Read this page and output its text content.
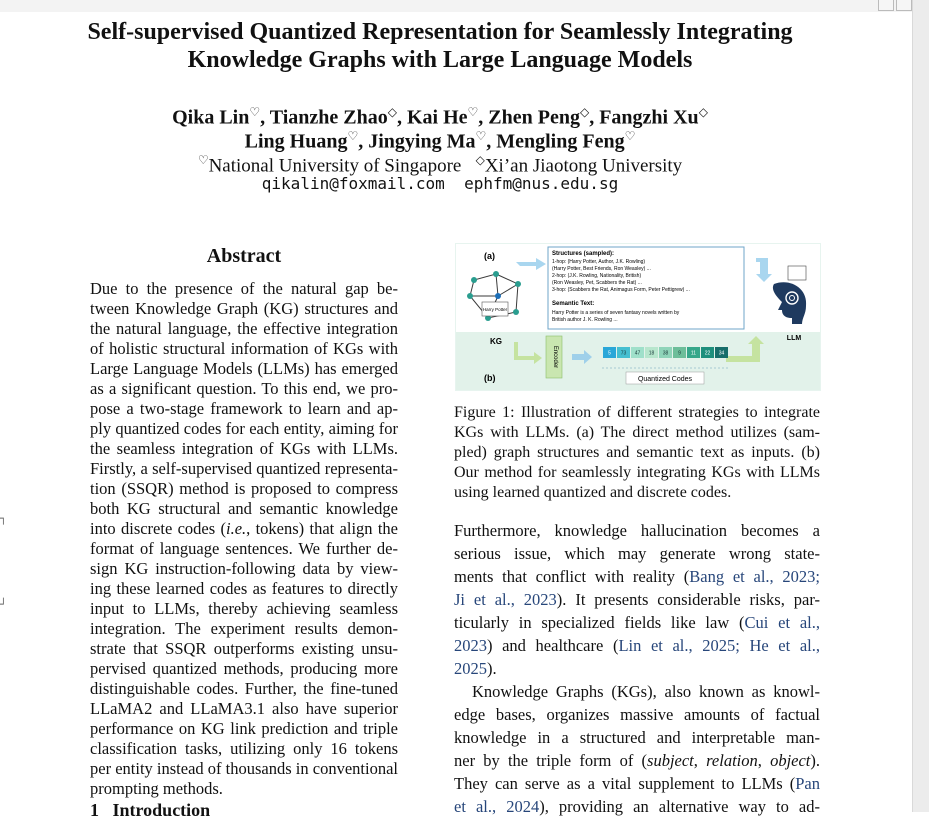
┐
┘
Self-supervised Quantized Representation for Seamlessly Integrating
Knowledge Graphs with Large Language Models
Qika Lin♡, Tianzhe Zhao◇, Kai He♡, Zhen Peng◇, Fangzhi Xu◇
Ling Huang♡, Jingying Ma♡, Mengling Feng♡
♡National University of Singapore ◇Xi’an Jiaotong University
qikalin@foxmail.com ephfm@nus.edu.sg
Abstract
Due to the presence of the natural gap be-
tween Knowledge Graph (KG) structures and
the natural language, the effective integration
of holistic structural information of KGs with
Large Language Models (LLMs) has emerged
as a significant question. To this end, we pro-
pose a two-stage framework to learn and ap-
ply quantized codes for each entity, aiming for
the seamless integration of KGs with LLMs.
Firstly, a self-supervised quantized representa-
tion (SSQR) method is proposed to compress
both KG structural and semantic knowledge
into discrete codes (i.e., tokens) that align the
format of language sentences. We further de-
sign KG instruction-following data by view-
ing these learned codes as features to directly
input to LLMs, thereby achieving seamless
integration. The experiment results demon-
strate that SSQR outperforms existing unsu-
pervised quantized methods, producing more
distinguishable codes. Further, the fine-tuned
LLaMA2 and LLaMA3.1 also have superior
performance on KG link prediction and triple
classification tasks, utilizing only 16 tokens
per entity instead of thousands in conventional
prompting methods.
1 Introduction
(a)
(b)
Harry Potter
KG
Structures (sampled):
1-hop: (Harry Potter, Author, J.K. Rowling)
(Harry Potter, Best Friends, Ron Weasley) ...
2-hop: (J.K. Rowling, Nationality, British)
(Ron Weasley, Pet, Scabbers the Rat) ...
3-hop: (Scabbers the Rat, Animagus Form, Peter Pettigrew) ...
Semantic Text:
Harry Potter is a series of seven fantasy novels written by
British author J. K. Rowling ...
Encoder	5 73 47 18 38 9 11 22 34
Quantized Codes
LLM
Figure 1: Illustration of different strategies to integrate
KGs with LLMs. (a) The direct method utilizes (sam-
pled) graph structures and semantic text as inputs. (b)
Our method for seamlessly integrating KGs with LLMs
using learned quantized and discrete codes.
Furthermore, knowledge hallucination becomes a
serious issue, which may generate wrong state-
ments that conflict with reality (Bang et al., 2023;
Ji et al., 2023). It presents considerable risks, par-
ticularly in specialized fields like law (Cui et al.,
2023) and healthcare (Lin et al., 2025; He et al.,
2025).
Knowledge Graphs (KGs), also known as knowl-
edge bases, organizes massive amounts of factual
knowledge in a structured and interpretable man-
ner by the triple form of (subject, relation, object).
They can serve as a vital supplement to LLMs (Pan
et al., 2024), providing an alternative way to ad-
